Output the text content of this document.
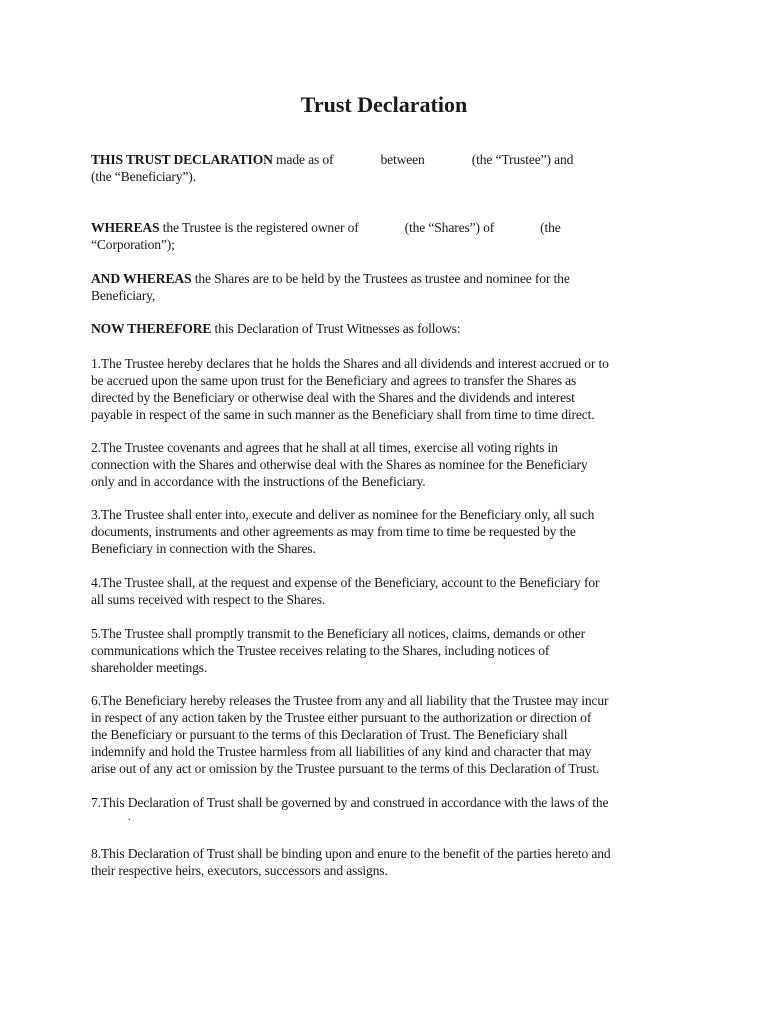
Trust Declaration
THIS TRUST DECLARATION made as of	between	(the “Trustee”) and
(the “Beneficiary”).
WHEREAS the Trustee is the registered owner of	(the “Shares”) of	(the
“Corporation”);
AND WHEREAS the Shares are to be held by the Trustees as trustee and nominee for the
Beneficiary,
NOW THEREFORE this Declaration of Trust Witnesses as follows:
1.The Trustee hereby declares that he holds the Shares and all dividends and interest accrued or to
be accrued upon the same upon trust for the Beneficiary and agrees to transfer the Shares as
directed by the Beneficiary or otherwise deal with the Shares and the dividends and interest
payable in respect of the same in such manner as the Beneficiary shall from time to time direct.
2.The Trustee covenants and agrees that he shall at all times, exercise all voting rights in
connection with the Shares and otherwise deal with the Shares as nominee for the Beneficiary
only and in accordance with the instructions of the Beneficiary.
3.The Trustee shall enter into, execute and deliver as nominee for the Beneficiary only, all such
documents, instruments and other agreements as may from time to time be requested by the
Beneficiary in connection with the Shares.
4.The Trustee shall, at the request and expense of the Beneficiary, account to the Beneficiary for
all sums received with respect to the Shares.
5.The Trustee shall promptly transmit to the Beneficiary all notices, claims, demands or other
communications which the Trustee receives relating to the Shares, including notices of
shareholder meetings.
6.The Beneficiary hereby releases the Trustee from any and all liability that the Trustee may incur
in respect of any action taken by the Trustee either pursuant to the authorization or direction of
the Beneficiary or pursuant to the terms of this Declaration of Trust. The Beneficiary shall
indemnify and hold the Trustee harmless from all liabilities of any kind and character that may
arise out of any act or omission by the Trustee pursuant to the terms of this Declaration of Trust.
7.This Declaration of Trust shall be governed by and construed in accordance with the laws of the
.
8.This Declaration of Trust shall be binding upon and enure to the benefit of the parties hereto and
their respective heirs, executors, successors and assigns.
